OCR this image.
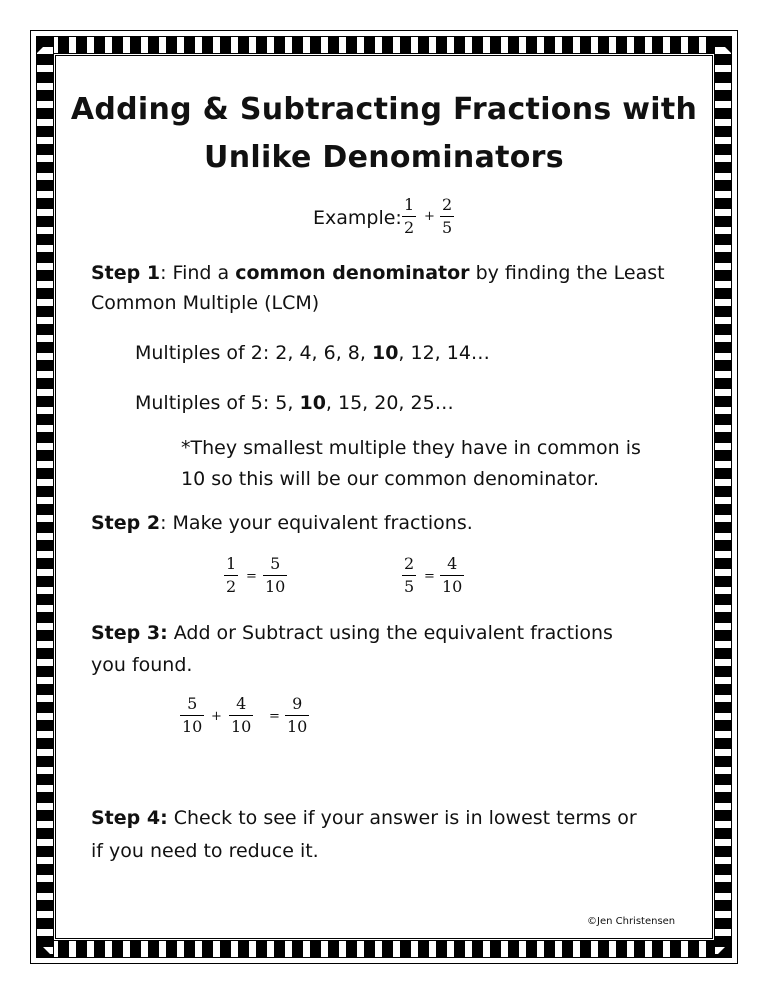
Adding & Subtracting Fractions with
Unlike Denominators
Example:
1
2
+
2
5
Step 1: Find a common denominator by finding the Least
Common Multiple (LCM)
Multiples of 2: 2, 4, 6, 8, 10, 12, 14…
Multiples of 5: 5, 10, 15, 20, 25…
*They smallest multiple they have in common is
10 so this will be our common denominator.
Step 2: Make your equivalent fractions.
1
2
=
5
10
2
5
=
4
10
Step 3: Add or Subtract using the equivalent fractions
you found.
5
10
+
4
10
=
9
10
Step 4: Check to see if your answer is in lowest terms or
if you need to reduce it.
©Jen Christensen
